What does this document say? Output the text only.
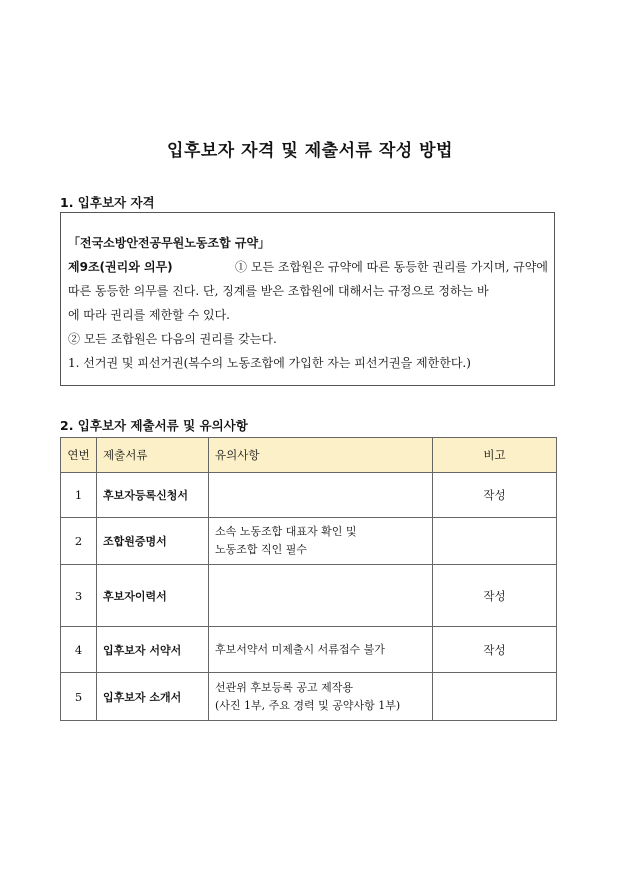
입후보자 자격 및 제출서류 작성 방법
1. 입후보자 자격

「전국소방안전공무원노동조합 규약」

제9조(권리와 의무)	① 모든 조합원은 규약에 따른 동등한 권리를 가지며, 규약에

따른 동등한 의무를 진다. 단, 징계를 받은 조합원에 대해서는 규정으로 정하는 바

에 따라 권리를 제한할 수 있다.

② 모든 조합원은 다음의 권리를 갖는다.

1. 선거권 및 피선거권(복수의 노동조합에 가입한 자는 피선거권을 제한한다.)

2. 입후보자 제출서류 및 유의사항
연번	제출서류	유의사항	비고
1	후보자등록신청서		작성
2	조합원증명서	소속 노동조합 대표자 확인 및
노동조합 직인 필수	
3	후보자이력서		작성
4	입후보자 서약서	후보서약서 미제출시 서류접수 불가	작성
5	입후보자 소개서	선관위 후보등록 공고 제작용
(사진 1부, 주요 경력 및 공약사항 1부)	
